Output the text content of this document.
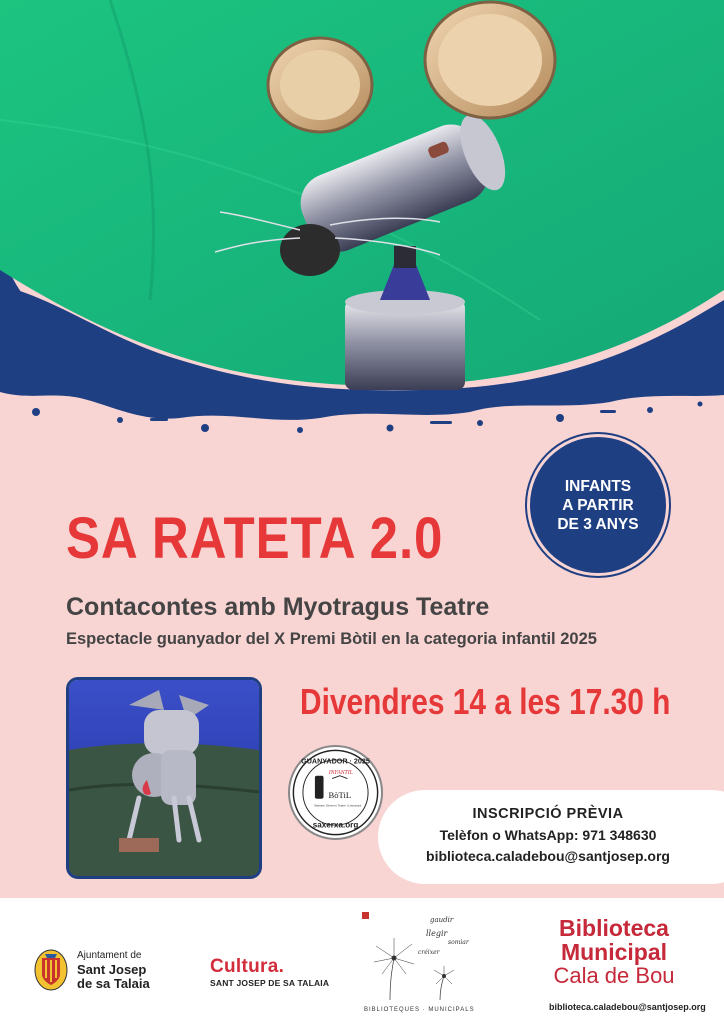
INFANTS
A PARTIR
DE 3 ANYS
SA RATETA 2.0

Contacontes amb Myotragus Teatre

Espectacle guanyador del X Premi Bòtil en la categoria infantil 2025

Divendres 14 a les 17.30 h

GUANYADOR · 2025
INFANTIL
BòTiL
Balears Obreres Teatre i Literatura
saxerxa.org
INSCRIPCIÓ PRÈVIA
Telèfon o WhatsApp: 971 348630
biblioteca.caladebou@santjosep.org
Ajuntament de
Sant Josep
de sa Talaia
Cultura.
SANT JOSEP DE SA TALAIA
gaudir
llegir
somiar
créixer
BIBLIOTEQUES · MUNICIPALS
Biblioteca
Municipal
Cala de Bou
biblioteca.caladebou@santjosep.org
